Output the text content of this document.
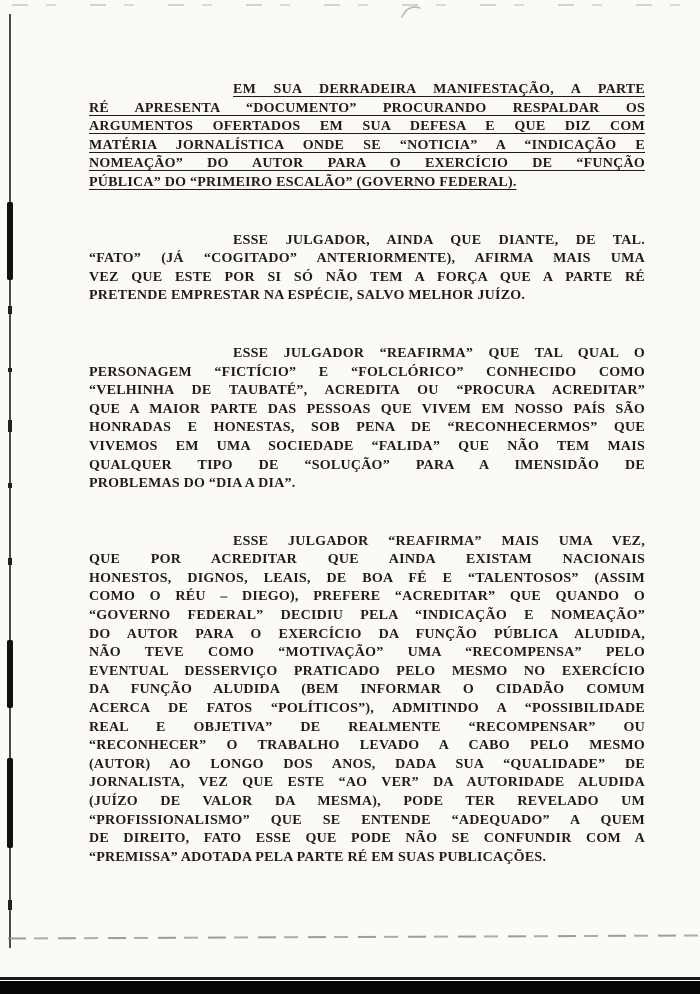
EM SUA DERRADEIRA MANIFESTAÇÃO, A PARTE
RÉ APRESENTA “DOCUMENTO” PROCURANDO RESPALDAR OS
ARGUMENTOS OFERTADOS EM SUA DEFESA E QUE DIZ COM
MATÉRIA JORNALÍSTICA ONDE SE “NOTICIA” A “INDICAÇÃO E
NOMEAÇÃO” DO AUTOR PARA O EXERCÍCIO DE “FUNÇÃO
PÚBLICA” DO “PRIMEIRO ESCALÃO” (GOVERNO FEDERAL).
ESSE JULGADOR, AINDA QUE DIANTE, DE TAL.
“FATO” (JÁ “COGITADO” ANTERIORMENTE), AFIRMA MAIS UMA
VEZ QUE ESTE POR SI SÓ NÃO TEM A FORÇA QUE A PARTE RÉ
PRETENDE EMPRESTAR NA ESPÉCIE, SALVO MELHOR JUÍZO.
ESSE JULGADOR “REAFIRMA” QUE TAL QUAL O
PERSONAGEM “FICTÍCIO” E “FOLCLÓRICO” CONHECIDO COMO
“VELHINHA DE TAUBATÉ”, ACREDITA OU “PROCURA ACREDITAR”
QUE A MAIOR PARTE DAS PESSOAS QUE VIVEM EM NOSSO PAÍS SÃO
HONRADAS E HONESTAS, SOB PENA DE “RECONHECERMOS” QUE
VIVEMOS EM UMA SOCIEDADE “FALIDA” QUE NÃO TEM MAIS
QUALQUER TIPO DE “SOLUÇÃO” PARA A IMENSIDÃO DE
PROBLEMAS DO “DIA A DIA”.
ESSE JULGADOR “REAFIRMA” MAIS UMA VEZ,
QUE POR ACREDITAR QUE AINDA EXISTAM NACIONAIS
HONESTOS, DIGNOS, LEAIS, DE BOA FÉ E “TALENTOSOS” (ASSIM
COMO O RÉU – DIEGO), PREFERE “ACREDITAR” QUE QUANDO O
“GOVERNO FEDERAL” DECIDIU PELA “INDICAÇÃO E NOMEAÇÃO”
DO AUTOR PARA O EXERCÍCIO DA FUNÇÃO PÚBLICA ALUDIDA,
NÃO TEVE COMO “MOTIVAÇÃO” UMA “RECOMPENSA” PELO
EVENTUAL DESSERVIÇO PRATICADO PELO MESMO NO EXERCÍCIO
DA FUNÇÃO ALUDIDA (BEM INFORMAR O CIDADÃO COMUM
ACERCA DE FATOS “POLÍTICOS”), ADMITINDO A “POSSIBILIDADE
REAL E OBJETIVA” DE REALMENTE “RECOMPENSAR” OU
“RECONHECER” O TRABALHO LEVADO A CABO PELO MESMO
(AUTOR) AO LONGO DOS ANOS, DADA SUA “QUALIDADE” DE
JORNALISTA, VEZ QUE ESTE “AO VER” DA AUTORIDADE ALUDIDA
(JUÍZO DE VALOR DA MESMA), PODE TER REVELADO UM
“PROFISSIONALISMO” QUE SE ENTENDE “ADEQUADO” A QUEM
DE DIREITO, FATO ESSE QUE PODE NÃO SE CONFUNDIR COM A
“PREMISSA” ADOTADA PELA PARTE RÉ EM SUAS PUBLICAÇÕES.
